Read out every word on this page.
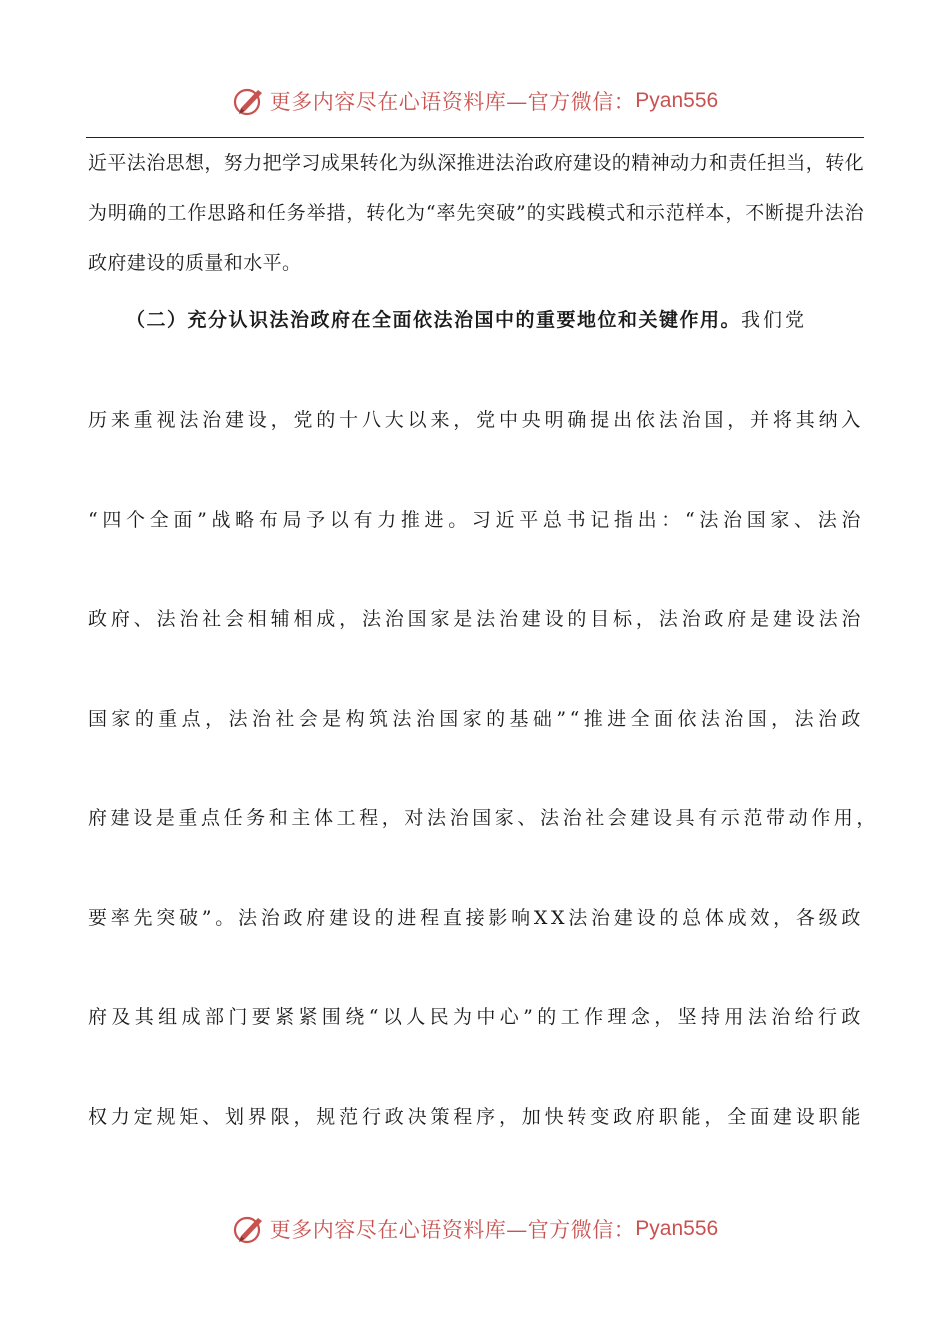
更多内容尽在心语资料库—官方微信： Pyan556
近平法治思想，努力把学习成果转化为纵深推进法治政府建设的精神动力和责任担当，转化
为明确的工作思路和任务举措，转化为“率先突破”的实践模式和示范样本，不断提升法治
政府建设的质量和水平。
（二）充分认识法治政府在全面依法治国中的重要地位和关键作用。我们党
历来重视法治建设，党的十八大以来，党中央明确提出依法治国，并将其纳入
“四个全面”战略布局予以有力推进。习近平总书记指出：“法治国家、法治
政府、法治社会相辅相成，法治国家是法治建设的目标，法治政府是建设法治
国家的重点，法治社会是构筑法治国家的基础”“推进全面依法治国，法治政
府建设是重点任务和主体工程，对法治国家、法治社会建设具有示范带动作用，
要率先突破”。法治政府建设的进程直接影响XX法治建设的总体成效，各级政
府及其组成部门要紧紧围绕“以人民为中心”的工作理念，坚持用法治给行政
权力定规矩、划界限，规范行政决策程序，加快转变政府职能，全面建设职能
更多内容尽在心语资料库—官方微信： Pyan556
